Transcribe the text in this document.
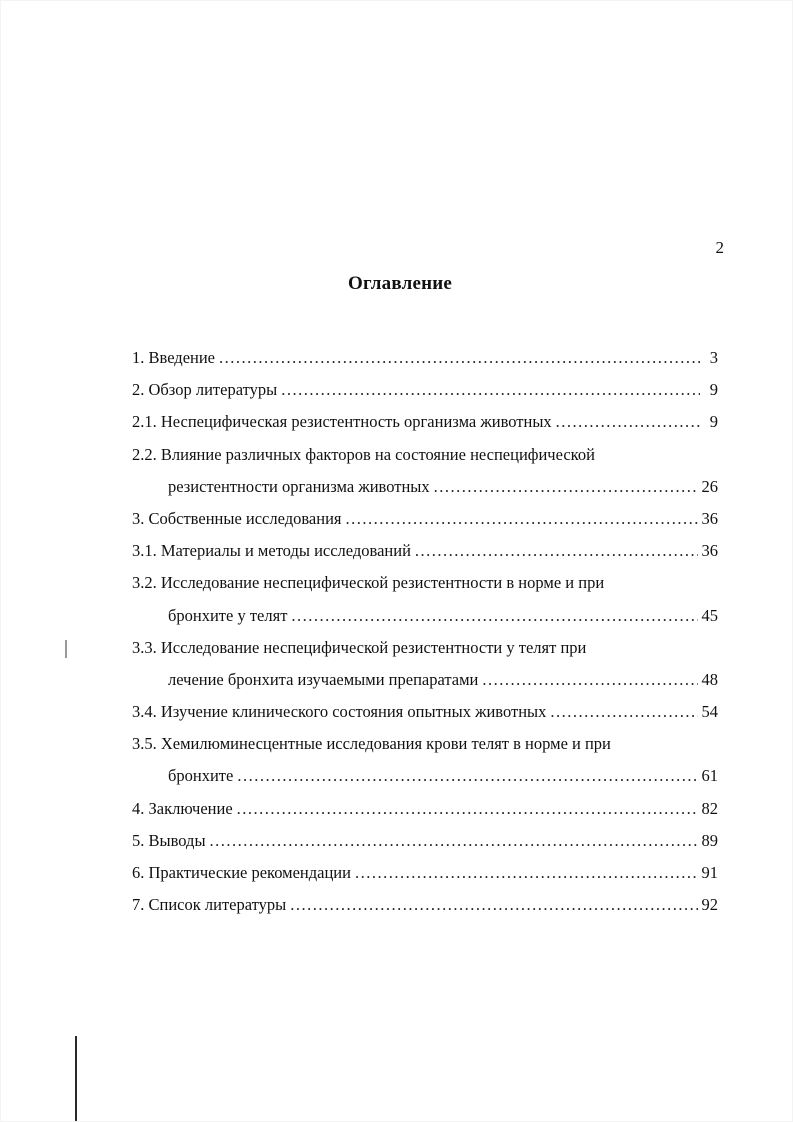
2
Оглавление
1. Введение .....	3
2. Обзор литературы .....	9
2.1. Неспецифическая резистентность организма животных .....	9
2.2. Влияние различных факторов на состояние неспецифической
резистентности организма животных .....	26
3. Собственные исследования .....	36
3.1. Материалы и методы исследований .....	36
3.2. Исследование неспецифической резистентности в норме и при
бронхите у телят .....	45
3.3. Исследование неспецифической резистентности у телят при
лечение бронхита изучаемыми препаратами .....	48
3.4. Изучение клинического состояния опытных животных .....	54
3.5. Хемилюминесцентные исследования крови телят в норме и при
бронхите .....	61
4. Заключение .....	82
5. Выводы .....	89
6. Практические рекомендации .....	91
7. Список литературы .....	92
